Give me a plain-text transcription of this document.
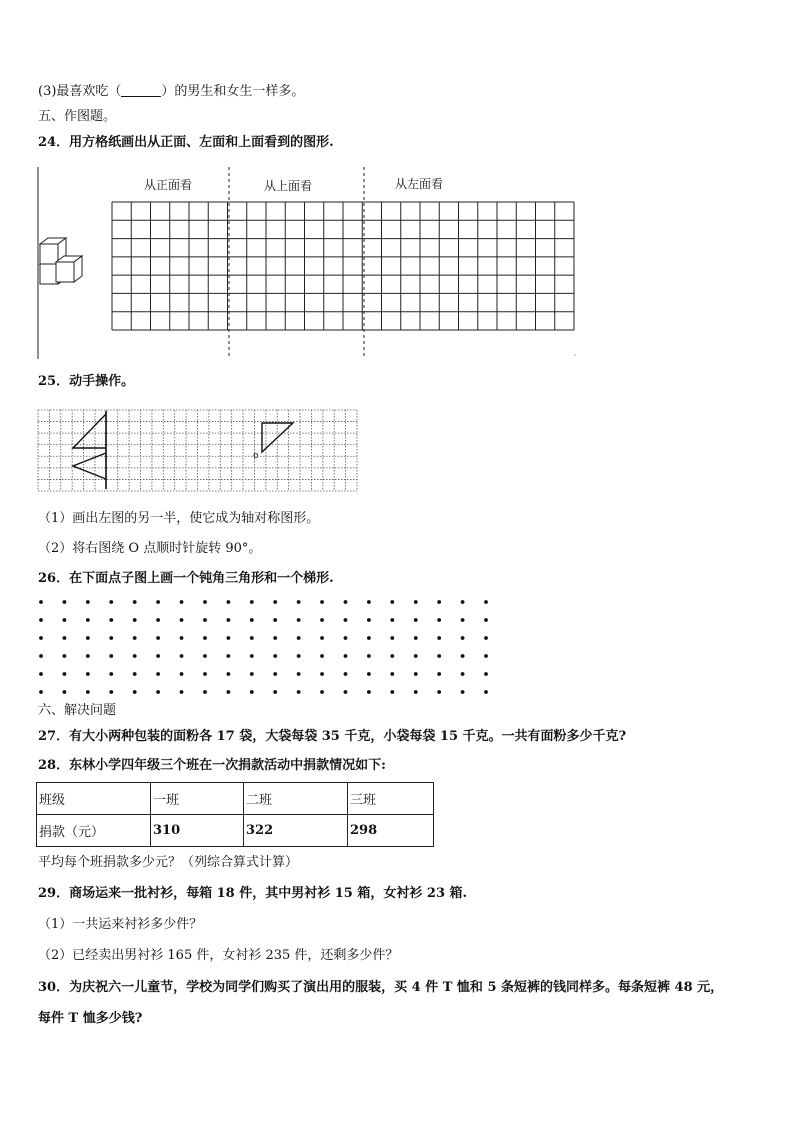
(3)最喜欢吃（	）的男生和女生一样多。
五、作图题。
24．用方格纸画出从正面、左面和上面看到的图形.
从正面看	从上面看	从左面看
25．动手操作。
o
（1）画出左图的另一半，使它成为轴对称图形。
（2）将右图绕 O 点顺时针旋转 90°。
26．在下面点子图上画一个钝角三角形和一个梯形.
六、解决问题
27．有大小两种包装的面粉各 17 袋，大袋每袋 35 千克，小袋每袋 15 千克。一共有面粉多少千克?
28．东林小学四年级三个班在一次捐款活动中捐款情况如下:
班级	一班	二班	三班
捐款（元）	310	322	298
平均每个班捐款多少元？（列综合算式计算）
29．商场运来一批衬衫，每箱 18 件，其中男衬衫 15 箱，女衬衫 23 箱.
（1）一共运来衬衫多少件？
（2）已经卖出男衬衫 165 件，女衬衫 235 件，还剩多少件？
30．为庆祝六一儿童节，学校为同学们购买了演出用的服装，买 4 件 T 恤和 5 条短裤的钱同样多。每条短裤 48 元，
每件 T 恤多少钱?
